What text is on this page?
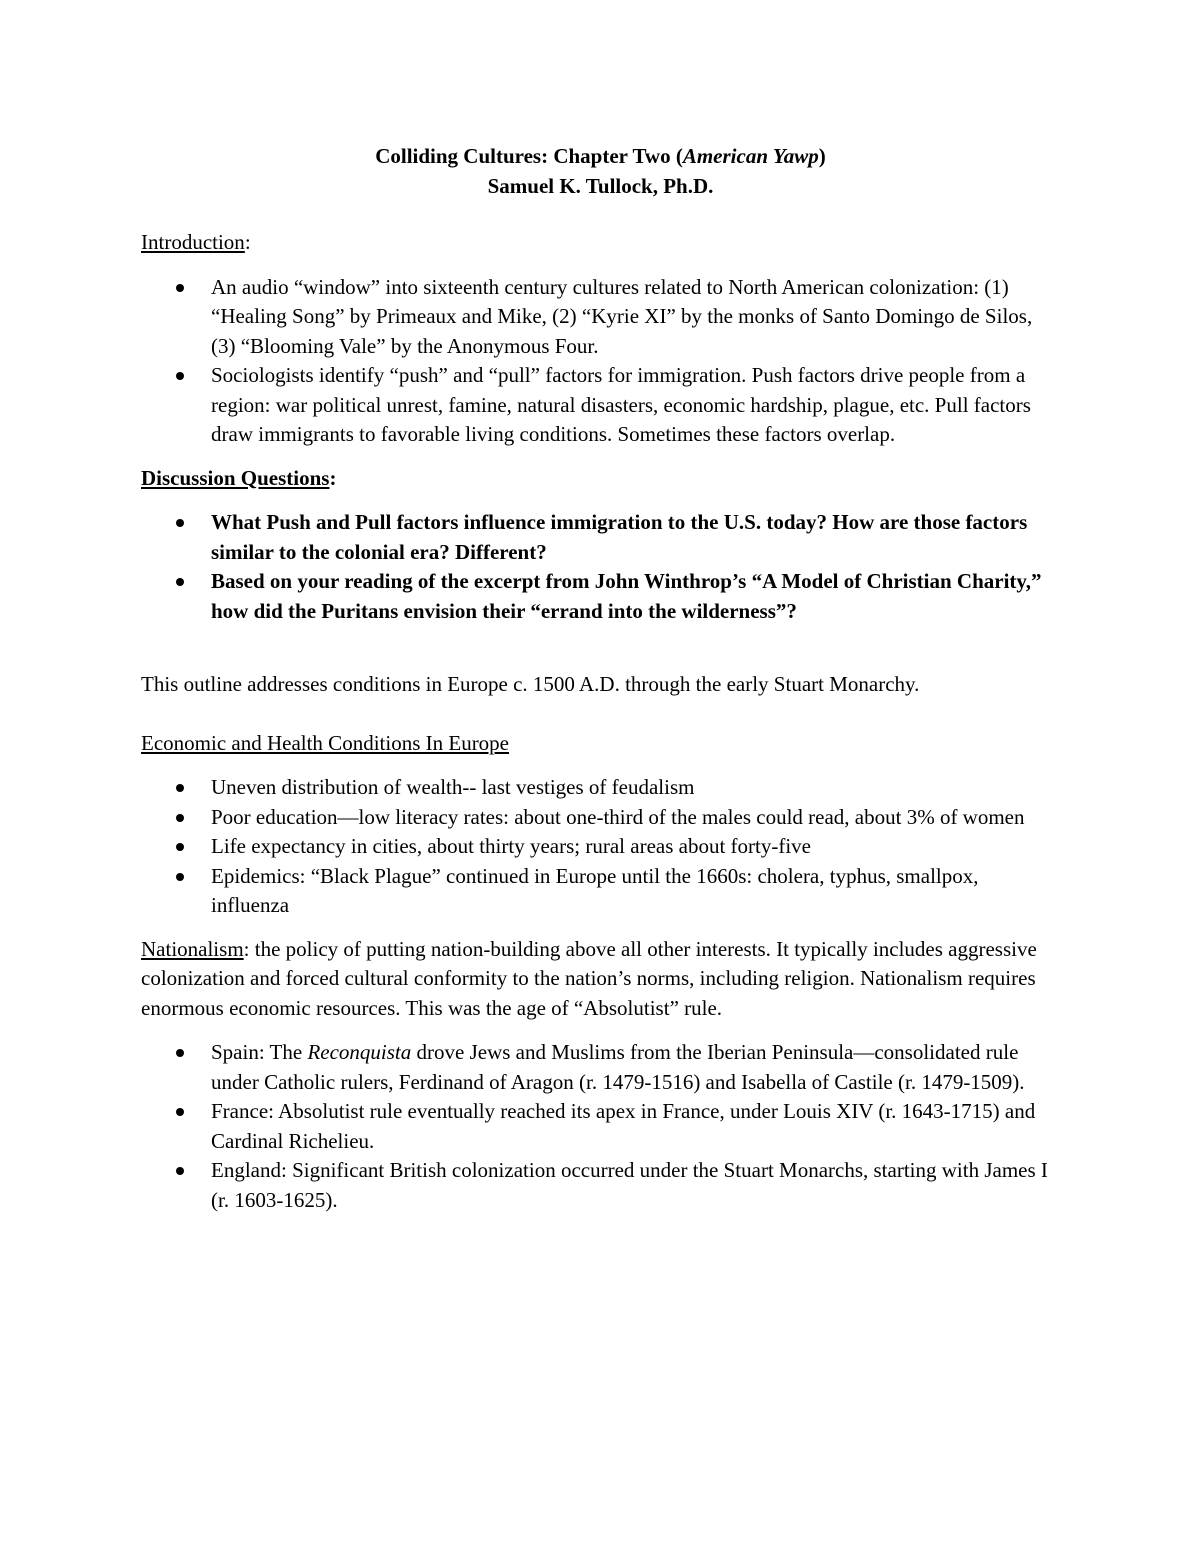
Colliding Cultures: Chapter Two (American Yawp)

Samuel K. Tullock, Ph.D.

Introduction:

An audio “window” into sixteenth century cultures related to North American colonization: (1) “Healing Song” by Primeaux and Mike, (2) “Kyrie XI” by the monks of Santo Domingo de Silos, (3) “Blooming Vale” by the Anonymous Four.
Sociologists identify “push” and “pull” factors for immigration. Push factors drive people from a region: war political unrest, famine, natural disasters, economic hardship, plague, etc. Pull factors draw immigrants to favorable living conditions. Sometimes these factors overlap.

Discussion Questions:

What Push and Pull factors influence immigration to the U.S. today? How are those factors similar to the colonial era? Different?
Based on your reading of the excerpt from John Winthrop’s “A Model of Christian Charity,” how did the Puritans envision their “errand into the wilderness”?

This outline addresses conditions in Europe c. 1500 A.D. through the early Stuart Monarchy.

Economic and Health Conditions In Europe

Uneven distribution of wealth-- last vestiges of feudalism
Poor education—low literacy rates: about one-third of the males could read, about 3% of women
Life expectancy in cities, about thirty years; rural areas about forty-five
Epidemics: “Black Plague” continued in Europe until the 1660s: cholera, typhus, smallpox, influenza

Nationalism: the policy of putting nation-building above all other interests. It typically includes aggressive colonization and forced cultural conformity to the nation’s norms, including religion. Nationalism requires enormous economic resources. This was the age of “Absolutist” rule.

Spain: The Reconquista drove Jews and Muslims from the Iberian Peninsula—consolidated rule under Catholic rulers, Ferdinand of Aragon (r. 1479-1516) and Isabella of Castile (r. 1479-1509).
France: Absolutist rule eventually reached its apex in France, under Louis XIV (r. 1643-1715) and Cardinal Richelieu.
England: Significant British colonization occurred under the Stuart Monarchs, starting with James I (r. 1603-1625).
